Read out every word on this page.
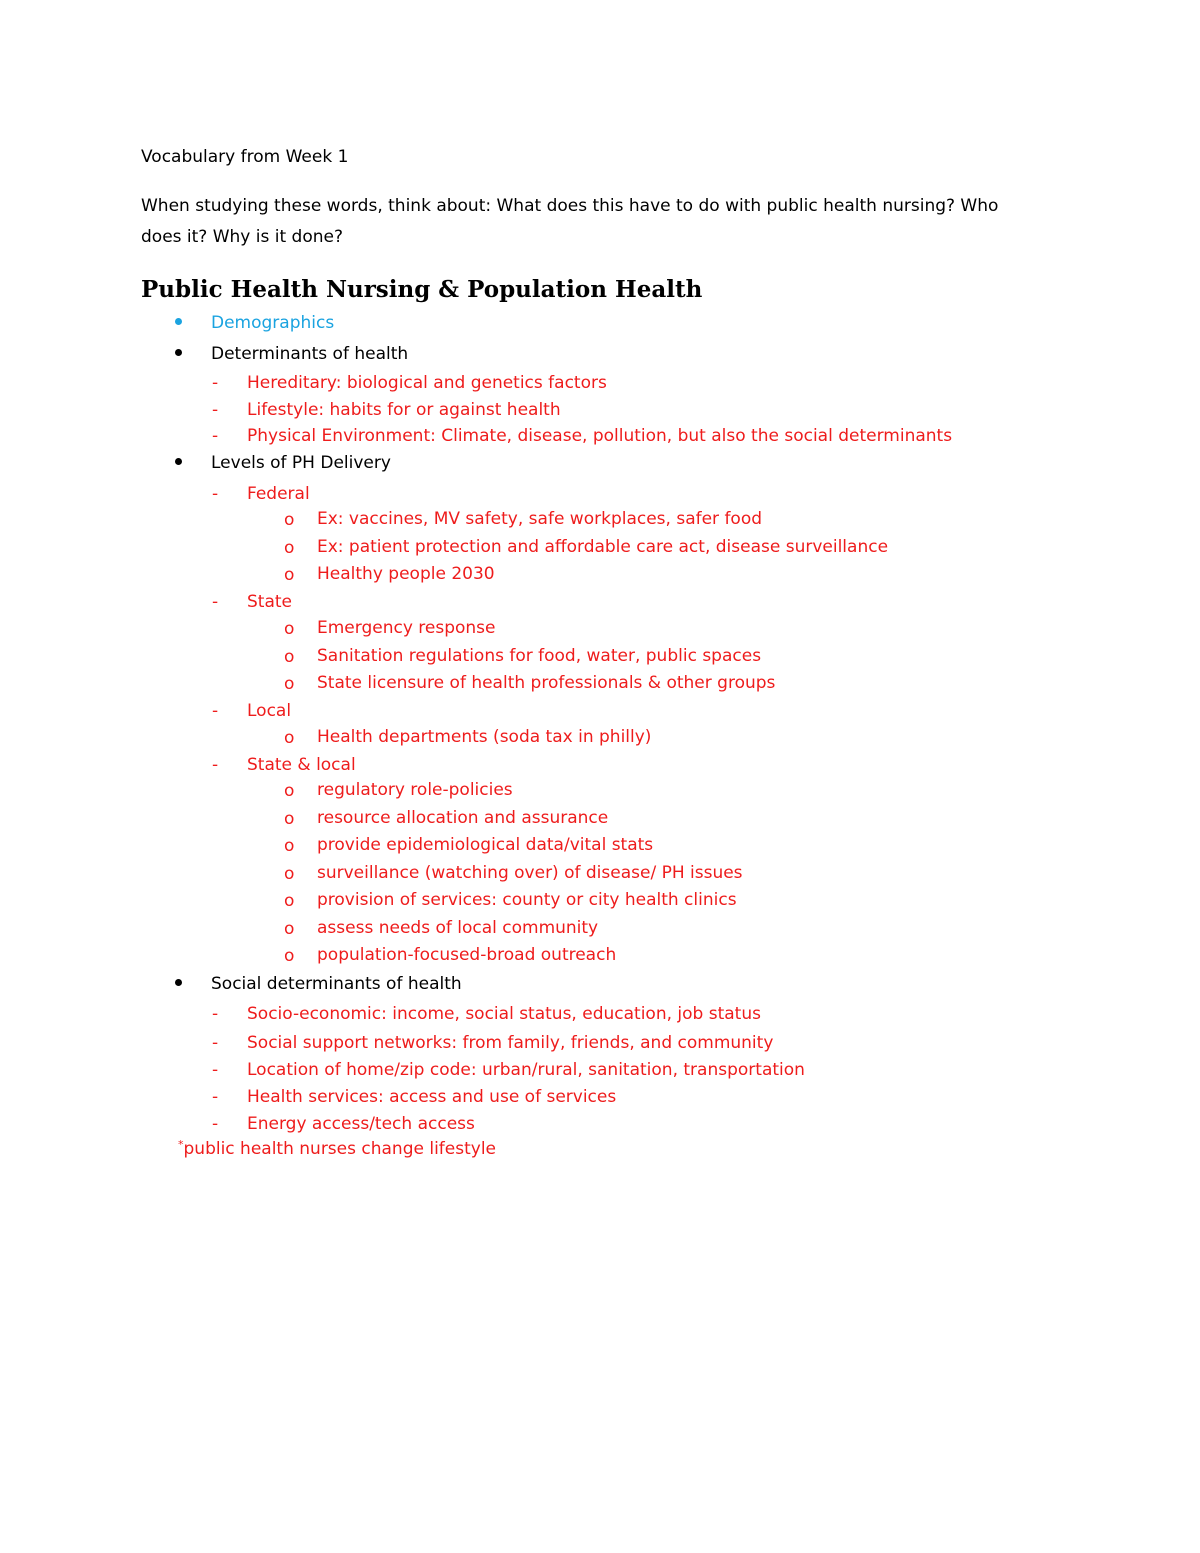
Vocabulary from Week 1
When studying these words, think about: What does this have to do with public health nursing? Who
does it? Why is it done?
Public Health Nursing & Population Health
Demographics
Determinants of health
- Hereditary: biological and genetics factors
- Lifestyle: habits for or against health
- Physical Environment: Climate, disease, pollution, but also the social determinants
Levels of PH Delivery
- Federal
o Ex: vaccines, MV safety, safe workplaces, safer food
o Ex: patient protection and affordable care act, disease surveillance
o Healthy people 2030
- State
o Emergency response
o Sanitation regulations for food, water, public spaces
o State licensure of health professionals & other groups
- Local
o Health departments (soda tax in philly)
- State & local
o regulatory role-policies
o resource allocation and assurance
o provide epidemiological data/vital stats
o surveillance (watching over) of disease/ PH issues
o provision of services: county or city health clinics
o assess needs of local community
o population-focused-broad outreach
Social determinants of health
- Socio-economic: income, social status, education, job status
- Social support networks: from family, friends, and community
- Location of home/zip code: urban/rural, sanitation, transportation
- Health services: access and use of services
- Energy access/tech access
*public health nurses change lifestyle
